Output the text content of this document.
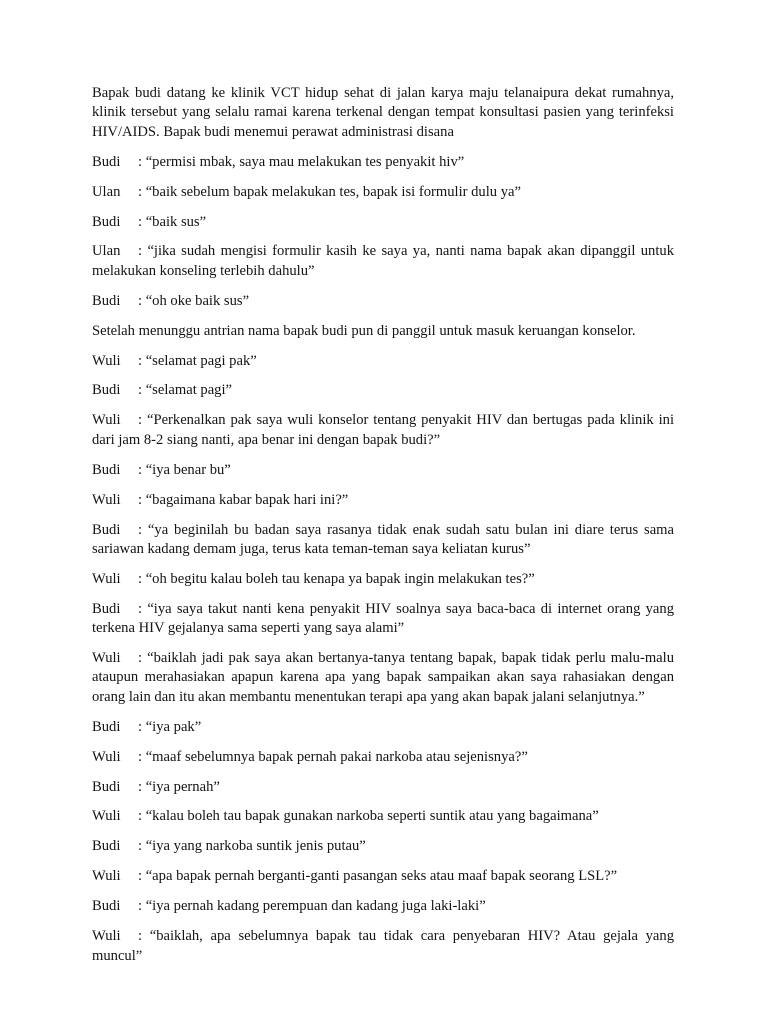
Bapak budi datang ke klinik VCT hidup sehat di jalan karya maju telanaipura dekat rumahnya, klinik tersebut yang selalu ramai karena terkenal dengan tempat konsultasi pasien yang terinfeksi HIV/AIDS. Bapak budi menemui perawat administrasi disana

Budi : “permisi mbak, saya mau melakukan tes penyakit hiv”

Ulan : “baik sebelum bapak melakukan tes, bapak isi formulir dulu ya”

Budi : “baik sus”

Ulan : “jika sudah mengisi formulir kasih ke saya ya, nanti nama bapak akan dipanggil untuk melakukan konseling terlebih dahulu”

Budi : “oh oke baik sus”

Setelah menunggu antrian nama bapak budi pun di panggil untuk masuk keruangan konselor.

Wuli : “selamat pagi pak”

Budi : “selamat pagi”

Wuli : “Perkenalkan pak saya wuli konselor tentang penyakit HIV dan bertugas pada klinik ini dari jam 8-2 siang nanti, apa benar ini dengan bapak budi?”

Budi : “iya benar bu”

Wuli : “bagaimana kabar bapak hari ini?”

Budi : “ya beginilah bu badan saya rasanya tidak enak sudah satu bulan ini diare terus sama sariawan kadang demam juga, terus kata teman-teman saya keliatan kurus”

Wuli : “oh begitu kalau boleh tau kenapa ya bapak ingin melakukan tes?”

Budi : “iya saya takut nanti kena penyakit HIV soalnya saya baca-baca di internet orang yang terkena HIV gejalanya sama seperti yang saya alami”

Wuli : “baiklah jadi pak saya akan bertanya-tanya tentang bapak, bapak tidak perlu malu-malu ataupun merahasiakan apapun karena apa yang bapak sampaikan akan saya rahasiakan dengan orang lain dan itu akan membantu menentukan terapi apa yang akan bapak jalani selanjutnya.”

Budi : “iya pak”

Wuli : “maaf sebelumnya bapak pernah pakai narkoba atau sejenisnya?”

Budi : “iya pernah”

Wuli : “kalau boleh tau bapak gunakan narkoba seperti suntik atau yang bagaimana”

Budi : “iya yang narkoba suntik jenis putau”

Wuli : “apa bapak pernah berganti-ganti pasangan seks atau maaf bapak seorang LSL?”

Budi : “iya pernah kadang perempuan dan kadang juga laki-laki”

Wuli : “baiklah, apa sebelumnya bapak tau tidak cara penyebaran HIV? Atau gejala yang muncul”
